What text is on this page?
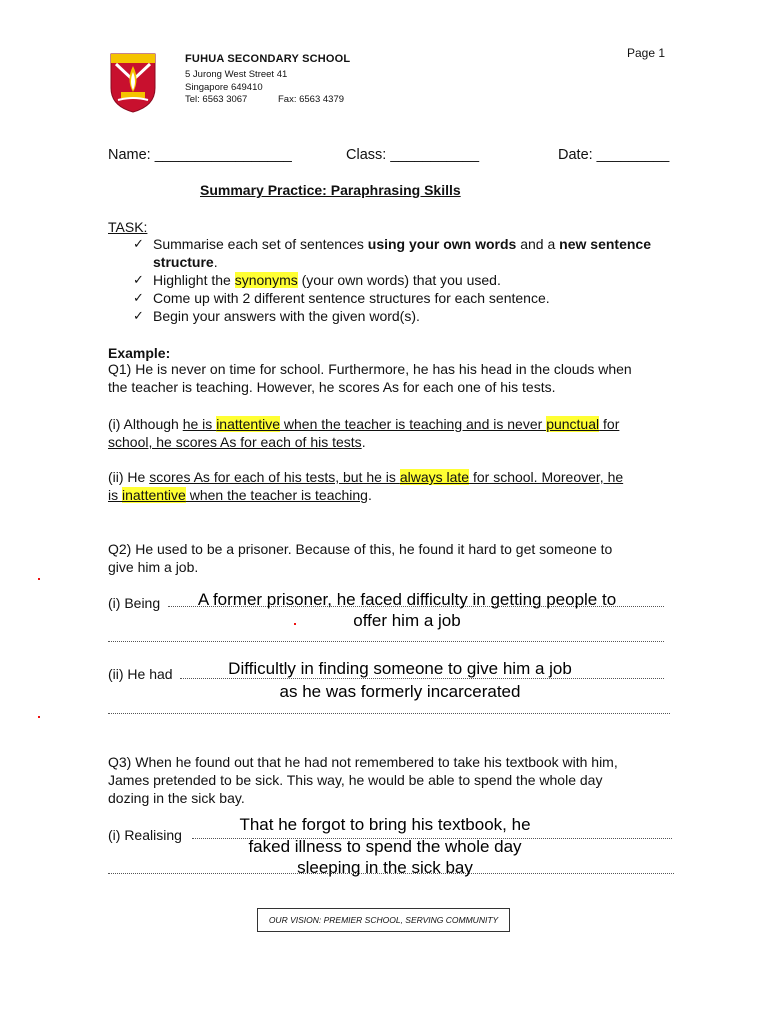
FUHUA SECONDARY SCHOOL
5 Jurong West Street 41
Singapore 649410
Tel: 6563 3067	Fax: 6563 4379
Page 1
Name: _________________	Class: ___________	Date: _________
Summary Practice: Paraphrasing Skills
TASK:
✓ Summarise each set of sentences using your own words and a new sentence structure.
✓ Highlight the synonyms (your own words) that you used.
✓ Come up with 2 different sentence structures for each sentence.
✓ Begin your answers with the given word(s).
Example:
Q1) He is never on time for school. Furthermore, he has his head in the clouds when
the teacher is teaching. However, he scores As for each one of his tests.
(i) Although he is inattentive when the teacher is teaching and is never punctual for
school, he scores As for each of his tests.
(ii) He scores As for each of his tests, but he is always late for school. Moreover, he
is inattentive when the teacher is teaching.
Q2) He used to be a prisoner. Because of this, he found it hard to get someone to
give him a job.
(i) Being	A former prisoner, he faced difficulty in getting people to
offer him a job
(ii) He had	Difficultly in finding someone to give him a job
as he was formerly incarcerated
Q3) When he found out that he had not remembered to take his textbook with him,
James pretended to be sick. This way, he would be able to spend the whole day
dozing in the sick bay.
(i) Realising
That he forgot to bring his textbook, he
faked illness to spend the whole day
sleeping in the sick bay
OUR VISION: PREMIER SCHOOL, SERVING COMMUNITY
